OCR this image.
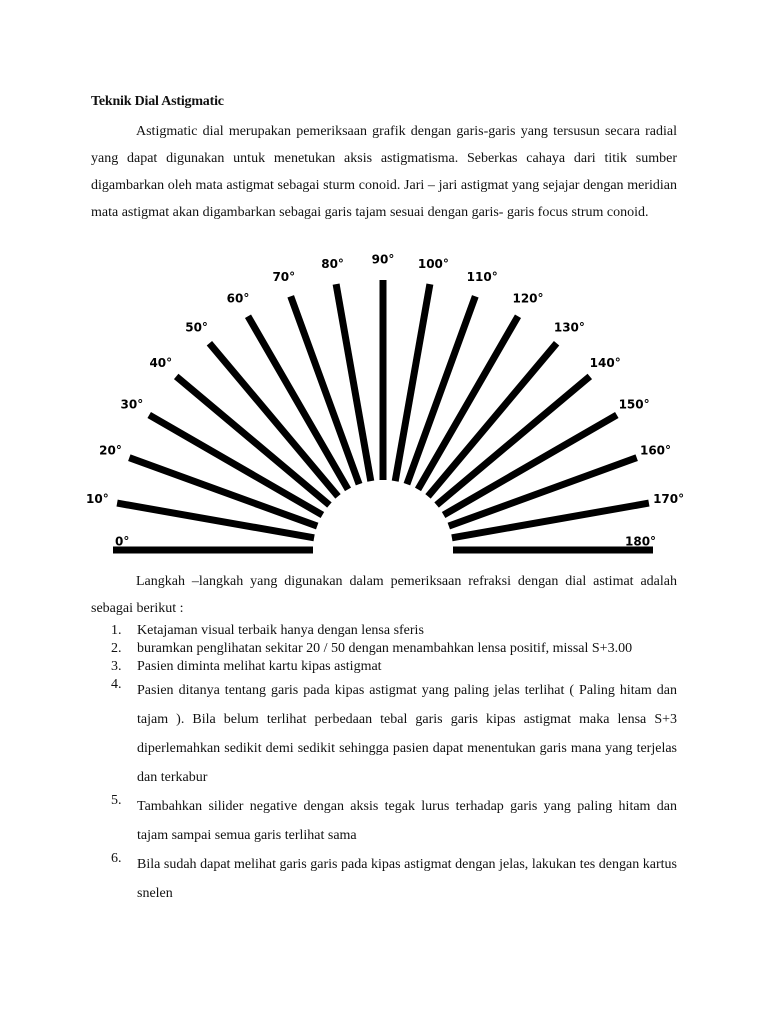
Teknik Dial Astigmatic

Astigmatic dial merupakan pemeriksaan grafik dengan garis-garis yang tersusun secara radial yang dapat digunakan untuk menetukan aksis astigmatisma. Seberkas cahaya dari titik sumber digambarkan oleh mata astigmat sebagai sturm conoid. Jari – jari astigmat yang sejajar dengan meridian mata astigmat akan digambarkan sebagai garis tajam sesuai dengan garis- garis focus strum conoid.

0°
10°
20°
30°
40°
50°
60°
70°
80° 90° 100°
110°
120°
130°
140°
150°
160°
170°
180°

Langkah –langkah yang digunakan dalam pemeriksaan refraksi dengan dial astimat adalah sebagai berikut :

1. Ketajaman visual terbaik hanya dengan lensa sferis
2. buramkan penglihatan sekitar 20 / 50 dengan menambahkan lensa positif, missal S+3.00
3. Pasien diminta melihat kartu kipas astigmat
4. Pasien ditanya tentang garis pada kipas astigmat yang paling jelas terlihat ( Paling hitam dan tajam ). Bila belum terlihat perbedaan tebal garis garis kipas astigmat maka lensa S+3 diperlemahkan sedikit demi sedikit sehingga pasien dapat menentukan garis mana yang terjelas dan terkabur
5. Tambahkan silider negative dengan aksis tegak lurus terhadap garis yang paling hitam dan tajam sampai semua garis terlihat sama
6. Bila sudah dapat melihat garis garis pada kipas astigmat dengan jelas, lakukan tes dengan kartus snelen
